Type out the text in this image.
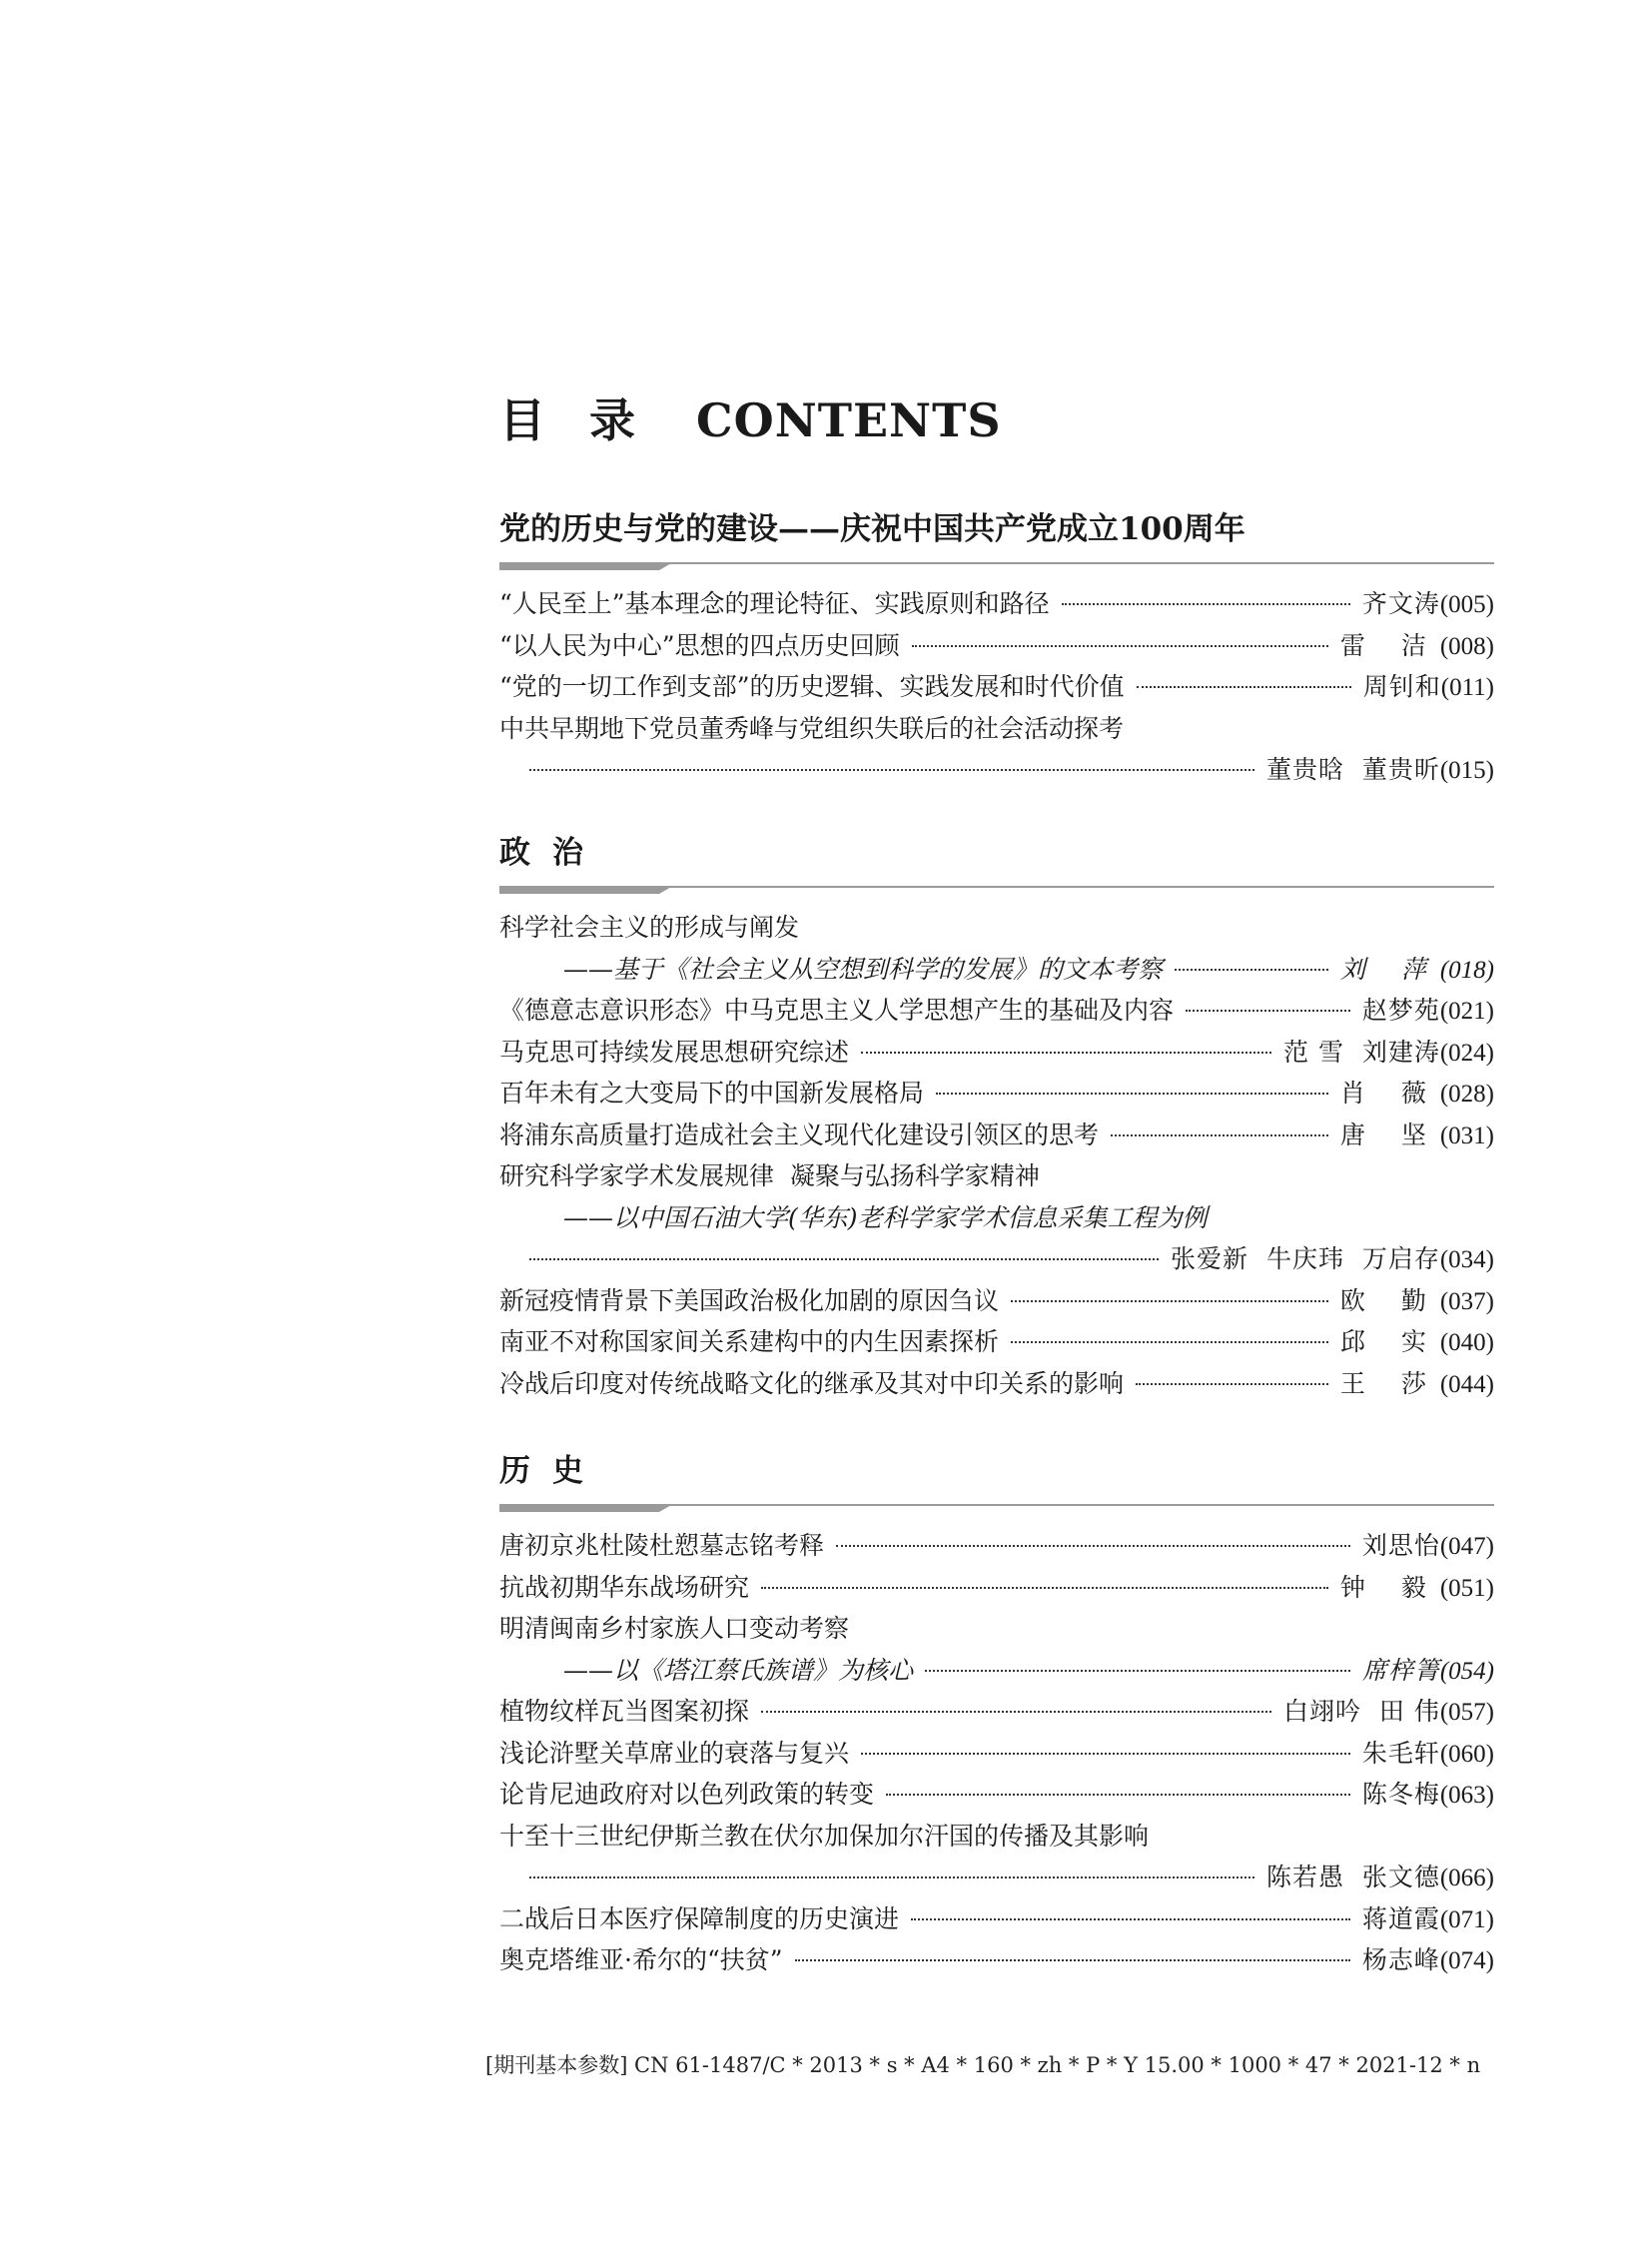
目录 CONTENTS
党的历史与党的建设——庆祝中国共产党成立100周年
“人民至上”基本理念的理论特征、实践原则和路径	齐文涛 (005)
“以人民为中心”思想的四点历史回顾	雷 洁 (008)
“党的一切工作到支部”的历史逻辑、实践发展和时代价值	周钊和 (011)
中共早期地下党员董秀峰与党组织失联后的社会活动探考
董贵晗  董贵昕 (015)
政治
科学社会主义的形成与阐发
——基于《社会主义从空想到科学的发展》的文本考察	刘 萍 (018)
《德意志意识形态》中马克思主义人学思想产生的基础及内容	赵梦苑 (021)
马克思可持续发展思想研究综述	范 雪  刘建涛 (024)
百年未有之大变局下的中国新发展格局	肖 薇 (028)
将浦东高质量打造成社会主义现代化建设引领区的思考	唐 坚 (031)
研究科学家学术发展规律  凝聚与弘扬科学家精神
——以中国石油大学(华东)老科学家学术信息采集工程为例
张爱新  牛庆玮  万启存 (034)
新冠疫情背景下美国政治极化加剧的原因刍议	欧 勤 (037)
南亚不对称国家间关系建构中的内生因素探析	邱 实 (040)
冷战后印度对传统战略文化的继承及其对中印关系的影响	王 莎 (044)
历史
唐初京兆杜陵杜愬墓志铭考释	刘思怡 (047)
抗战初期华东战场研究	钟 毅 (051)
明清闽南乡村家族人口变动考察
——以《塔江蔡氏族谱》为核心	席梓箐 (054)
植物纹样瓦当图案初探	白翊吟  田 伟 (057)
浅论浒墅关草席业的衰落与复兴	朱毛轩 (060)
论肯尼迪政府对以色列政策的转变	陈冬梅 (063)
十至十三世纪伊斯兰教在伏尔加保加尔汗国的传播及其影响
陈若愚  张文德 (066)
二战后日本医疗保障制度的历史演进	蒋道霞 (071)
奥克塔维亚·希尔的“扶贫”	杨志峰 (074)
[期刊基本参数] CN 61-1487/C * 2013 * s * A4 * 160 * zh * P * Y 15.00 * 1000 * 47 * 2021-12 * n
